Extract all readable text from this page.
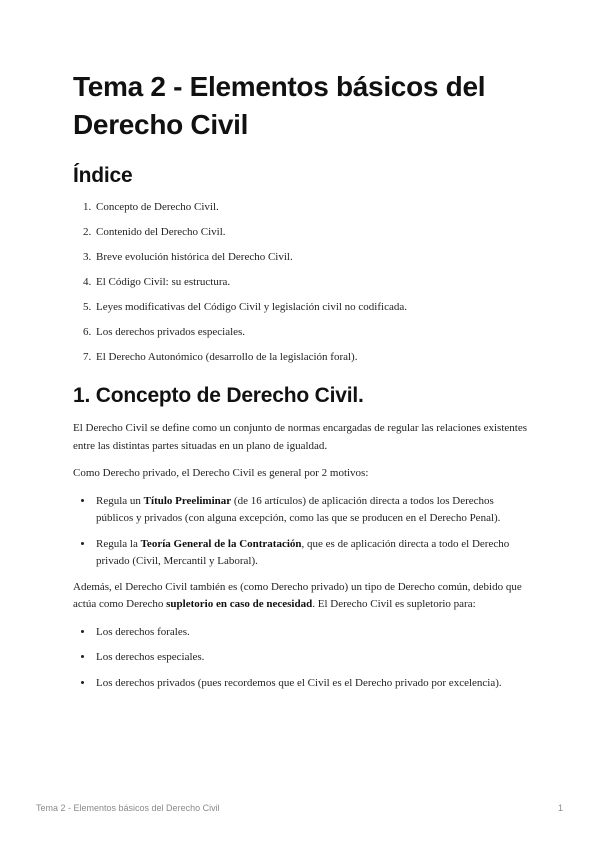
Tema 2 - Elementos básicos del Derecho Civil
Índice
1. Concepto de Derecho Civil.
2. Contenido del Derecho Civil.
3. Breve evolución histórica del Derecho Civil.
4. El Código Civil: su estructura.
5. Leyes modificativas del Código Civil y legislación civil no codificada.
6. Los derechos privados especiales.
7. El Derecho Autonómico (desarrollo de la legislación foral).
1. Concepto de Derecho Civil.

El Derecho Civil se define como un conjunto de normas encargadas de regular las relaciones existentes entre las distintas partes situadas en un plano de igualdad.

Como Derecho privado, el Derecho Civil es general por 2 motivos:

• Regula un Título Preeliminar (de 16 artículos) de aplicación directa a todos los Derechos públicos y privados (con alguna excepción, como las que se producen en el Derecho Penal).
• Regula la Teoría General de la Contratación, que es de aplicación directa a todo el Derecho privado (Civil, Mercantil y Laboral).

Además, el Derecho Civil también es (como Derecho privado) un tipo de Derecho común, debido que actúa como Derecho supletorio en caso de necesidad. El Derecho Civil es supletorio para:

• Los derechos forales.
• Los derechos especiales.
• Los derechos privados (pues recordemos que el Civil es el Derecho privado por excelencia).
Tema 2 - Elementos básicos del Derecho Civil	1
